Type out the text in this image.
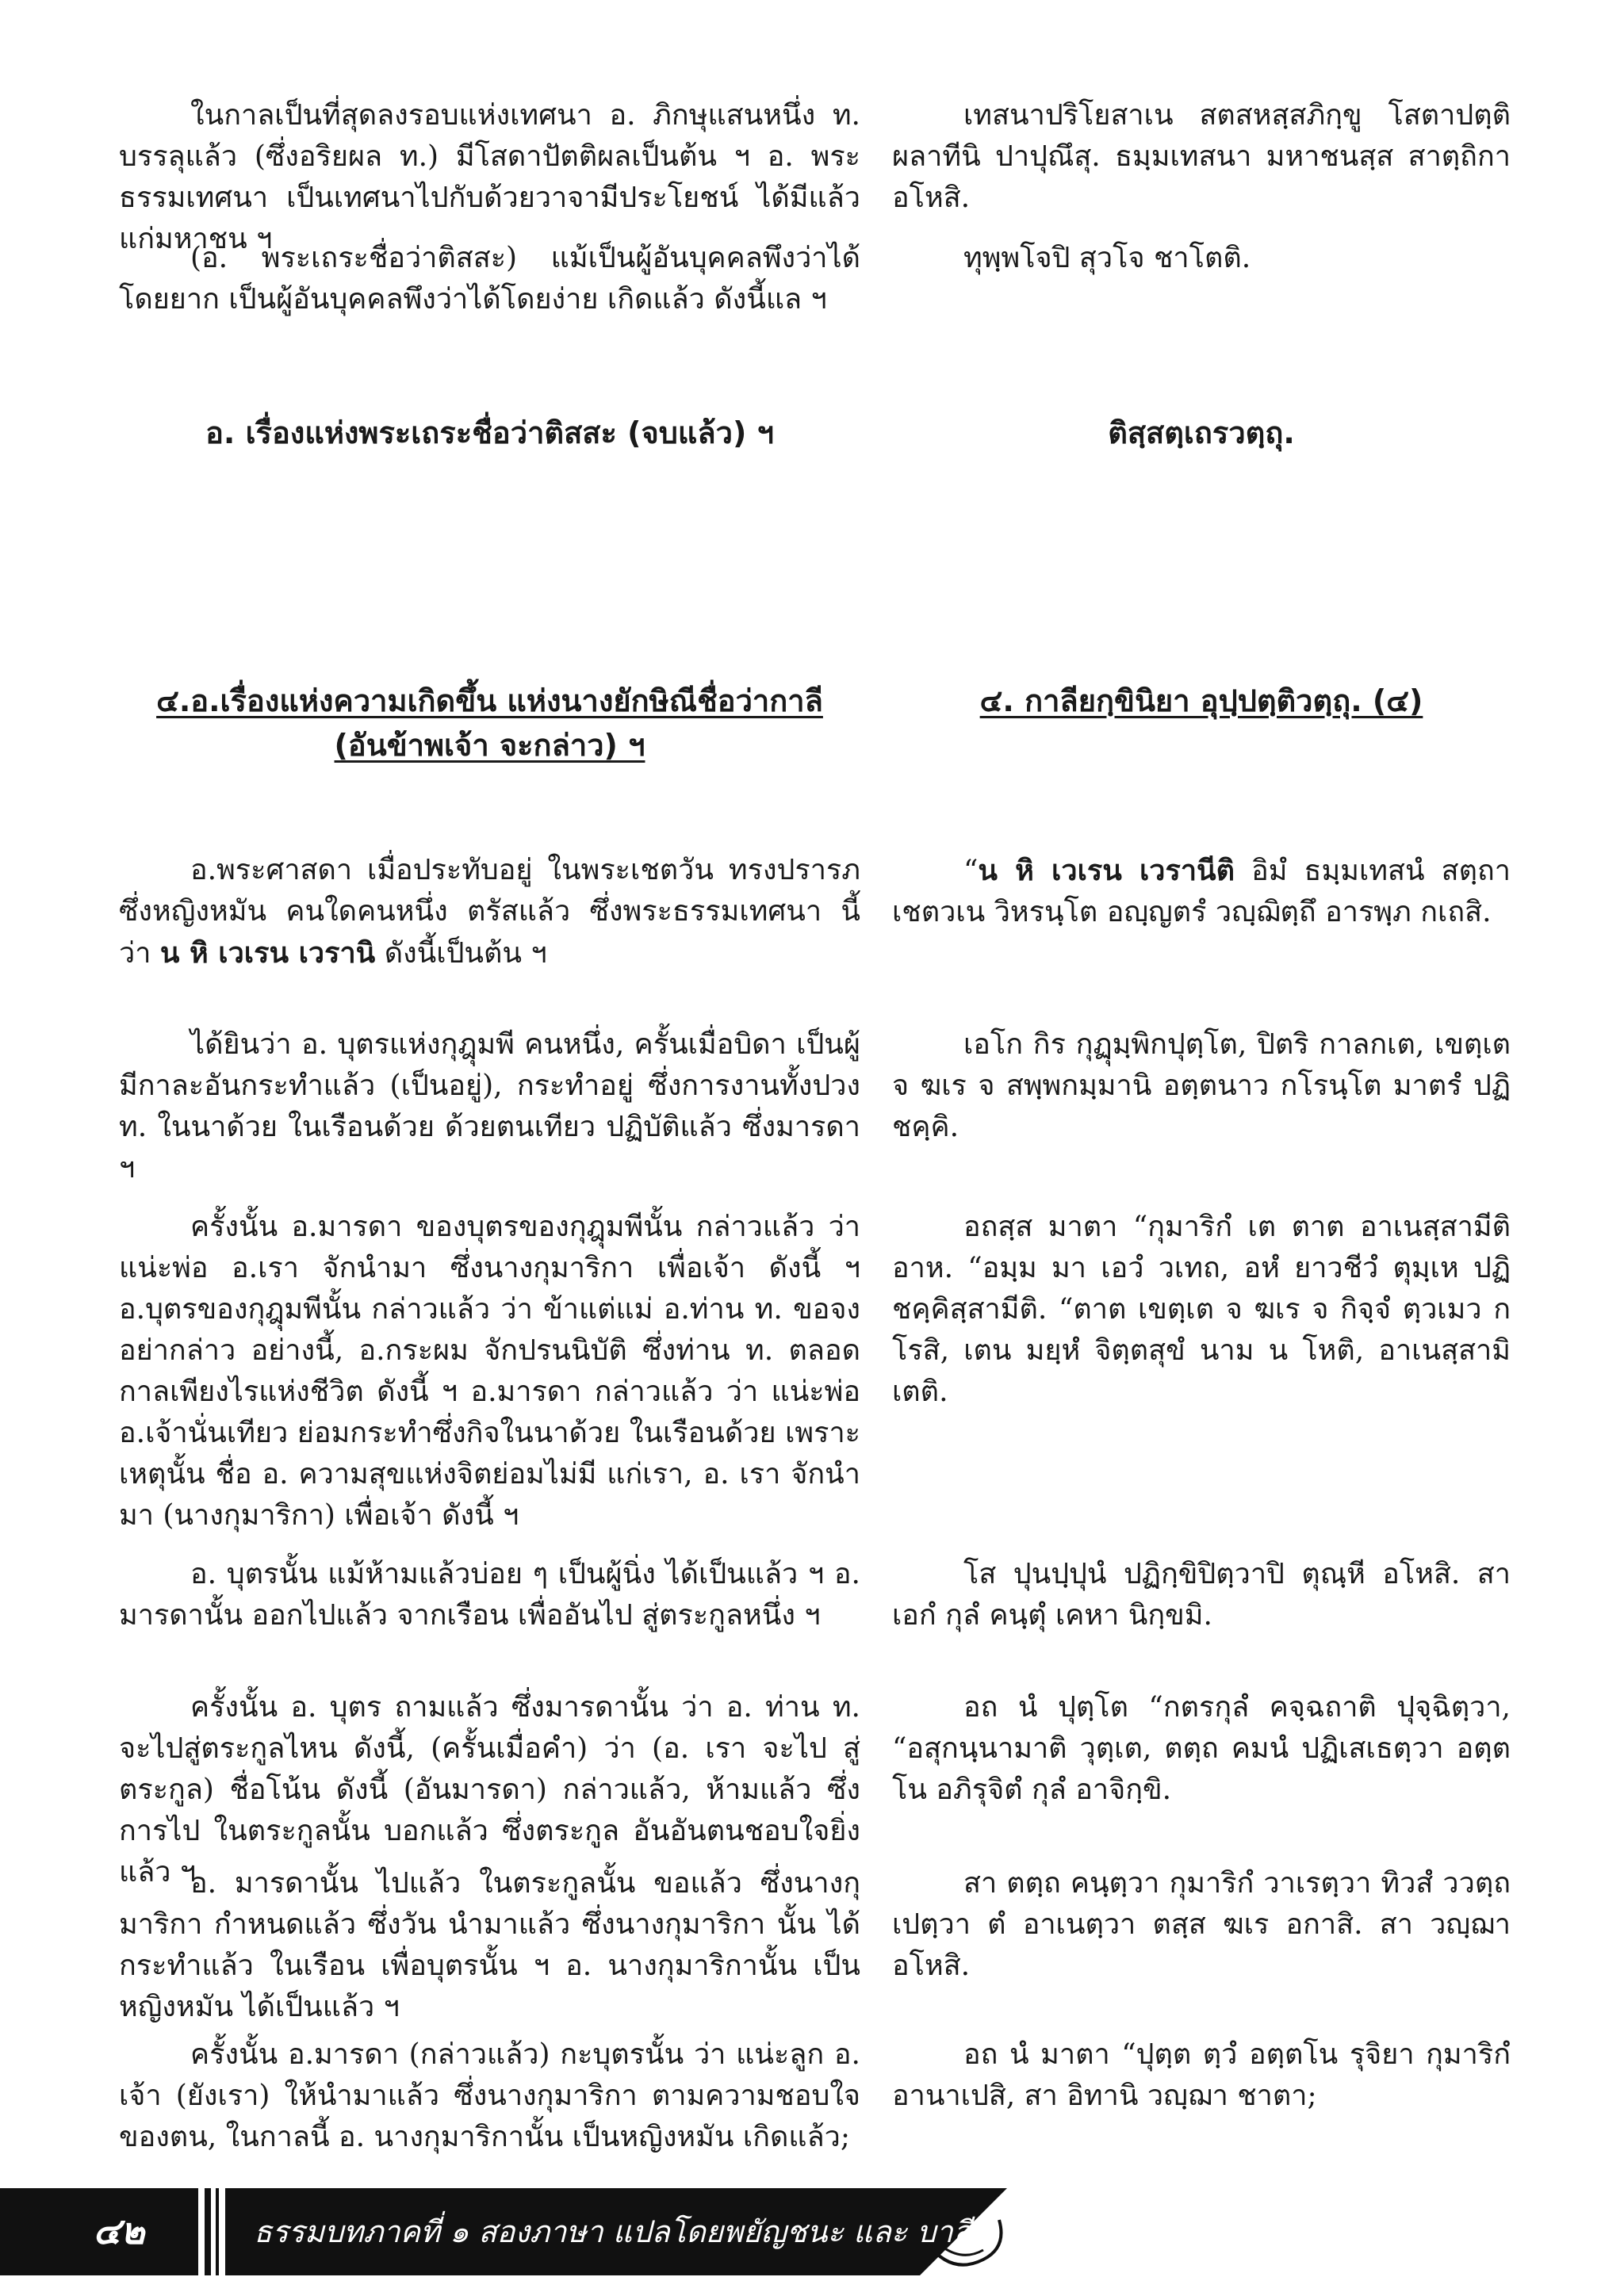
ในกาลเป็นที่สุดลงรอบแห่งเทศนา อ. ภิกษุแสนหนึ่ง ท. บรรลุแล้ว (ซึ่งอริยผล ท.) มีโสดาปัตติผลเป็นต้น ฯ อ. พระธรรมเทศนา เป็นเทศนาไปกับด้วยวาจามีประโยชน์ ได้มีแล้ว แก่มหาชน ฯ
(อ. พระเถระชื่อว่าติสสะ) แม้เป็นผู้อันบุคคลพึงว่าได้โดยยาก เป็นผู้อันบุคคลพึงว่าได้โดยง่าย เกิดแล้ว ดังนี้แล ฯ
อ. เรื่องแห่งพระเถระชื่อว่าติสสะ (จบแล้ว) ฯ
๔.อ.เรื่องแห่งความเกิดขึ้น แห่งนางยักษิณีชื่อว่ากาลี
(อันข้าพเจ้า จะกล่าว) ฯ
อ.พระศาสดา เมื่อประทับอยู่ ในพระเชตวัน ทรงปรารภซึ่งหญิงหมัน คนใดคนหนึ่ง ตรัสแล้ว ซึ่งพระธรรมเทศนา นี้ ว่า น หิ เวเรน เวรานิ ดังนี้เป็นต้น ฯ
ได้ยินว่า อ. บุตรแห่งกุฎุมพี คนหนึ่ง, ครั้นเมื่อบิดา เป็นผู้มีกาละอันกระทำแล้ว (เป็นอยู่), กระทำอยู่ ซึ่งการงานทั้งปวง ท. ในนาด้วย ในเรือนด้วย ด้วยตนเทียว ปฏิบัติแล้ว ซึ่งมารดา ฯ
ครั้งนั้น อ.มารดา ของบุตรของกุฎุมพีนั้น กล่าวแล้ว ว่า แน่ะพ่อ อ.เรา จักนำมา ซึ่งนางกุมาริกา เพื่อเจ้า ดังนี้ ฯ อ.บุตรของกุฎุมพีนั้น กล่าวแล้ว ว่า ข้าแต่แม่ อ.ท่าน ท. ขอจงอย่ากล่าว อย่างนี้, อ.กระผม จักปรนนิบัติ ซึ่งท่าน ท. ตลอดกาลเพียงไรแห่งชีวิต ดังนี้ ฯ อ.มารดา กล่าวแล้ว ว่า แน่ะพ่อ อ.เจ้านั่นเทียว ย่อมกระทำซึ่งกิจในนาด้วย ในเรือนด้วย เพราะเหตุนั้น ชื่อ อ. ความสุขแห่งจิตย่อมไม่มี แก่เรา, อ. เรา จักนำมา (นางกุมาริกา) เพื่อเจ้า ดังนี้ ฯ
อ. บุตรนั้น แม้ห้ามแล้วบ่อย ๆ เป็นผู้นิ่ง ได้เป็นแล้ว ฯ อ. มารดานั้น ออกไปแล้ว จากเรือน เพื่ออันไป สู่ตระกูลหนึ่ง ฯ
ครั้งนั้น อ. บุตร ถามแล้ว ซึ่งมารดานั้น ว่า อ. ท่าน ท. จะไปสู่ตระกูลไหน ดังนี้, (ครั้นเมื่อคำ) ว่า (อ. เรา จะไป สู่ตระกูล) ชื่อโน้น ดังนี้ (อันมารดา) กล่าวแล้ว, ห้ามแล้ว ซึ่งการไป ในตระกูลนั้น บอกแล้ว ซึ่งตระกูล อันอันตนชอบใจยิ่งแล้ว ฯ
อ. มารดานั้น ไปแล้ว ในตระกูลนั้น ขอแล้ว ซึ่งนางกุมาริกา กำหนดแล้ว ซึ่งวัน นำมาแล้ว ซึ่งนางกุมาริกา นั้น ได้กระทำแล้ว ในเรือน เพื่อบุตรนั้น ฯ อ. นางกุมาริกานั้น เป็นหญิงหมัน ได้เป็นแล้ว ฯ
ครั้งนั้น อ.มารดา (กล่าวแล้ว) กะบุตรนั้น ว่า แน่ะลูก อ. เจ้า (ยังเรา) ให้นำมาแล้ว ซึ่งนางกุมาริกา ตามความชอบใจ ของตน, ในกาลนี้ อ. นางกุมาริกานั้น เป็นหญิงหมัน เกิดแล้ว;
เทสนาปริโยสาเน สตสหสฺสภิกฺขู โสตาปตฺติผลาทีนิ ปาปุณึสุ. ธมฺมเทสนา มหาชนสฺส สาตฺถิกา อโหสิ.
ทุพฺพโจปิ สุวโจ ชาโตติ.
ติสฺสตฺเถรวตฺถุ.
๔. กาลียกฺขินิยา อุปฺปตฺติวตฺถุ. (๔)
“น หิ เวเรน เวรานีติ อิมํ ธมฺมเทสนํ สตฺถา เชตวเน วิหรนฺโต อญฺญตรํ วญฺฌิตฺถึ อารพฺภ กเถสิ.
เอโก กิร กุฏุมฺพิกปุตฺโต, ปิตริ กาลกเต, เขตฺเต จ ฆเร จ สพฺพกมฺมานิ อตฺตนาว กโรนฺโต มาตรํ ปฏิชคฺคิ.
อถสฺส มาตา “กุมาริกํ เต ตาต อาเนสฺสามีติ อาห. “อมฺม มา เอวํ วเทถ, อหํ ยาวชีวํ ตุมฺเห ปฏิชคฺคิสฺสามีติ. “ตาต เขตฺเต จ ฆเร จ กิจฺจํ ตฺวเมว กโรสิ, เตน มยฺหํ จิตฺตสุขํ นาม น โหติ, อาเนสฺสามิ เตติ.
โส ปุนปฺปุนํ ปฏิกฺขิปิตฺวาปิ ตุณฺหี อโหสิ. สา เอกํ กุลํ คนฺตุํ เคหา นิกฺขมิ.
อถ นํ ปุตฺโต “กตรกุลํ คจฺฉถาติ ปุจฺฉิตฺวา, “อสุกนฺนามาติ วุตฺเต, ตตฺถ คมนํ ปฏิเสเธตฺวา อตฺตโน อภิรุจิตํ กุลํ อาจิกฺขิ.
สา ตตฺถ คนฺตฺวา กุมาริกํ วาเรตฺวา ทิวสํ ววตฺถเปตฺวา ตํ อาเนตฺวา ตสฺส ฆเร อกาสิ. สา วญฺฌา อโหสิ.
อถ นํ มาตา “ปุตฺต ตฺวํ อตฺตโน รุจิยา กุมาริกํ อานาเปสิ, สา อิทานิ วญฺฌา ชาตา;
๔๒	ธรรมบทภาคที่ ๑ สองภาษา แปลโดยพยัญชนะ และ บาลี
